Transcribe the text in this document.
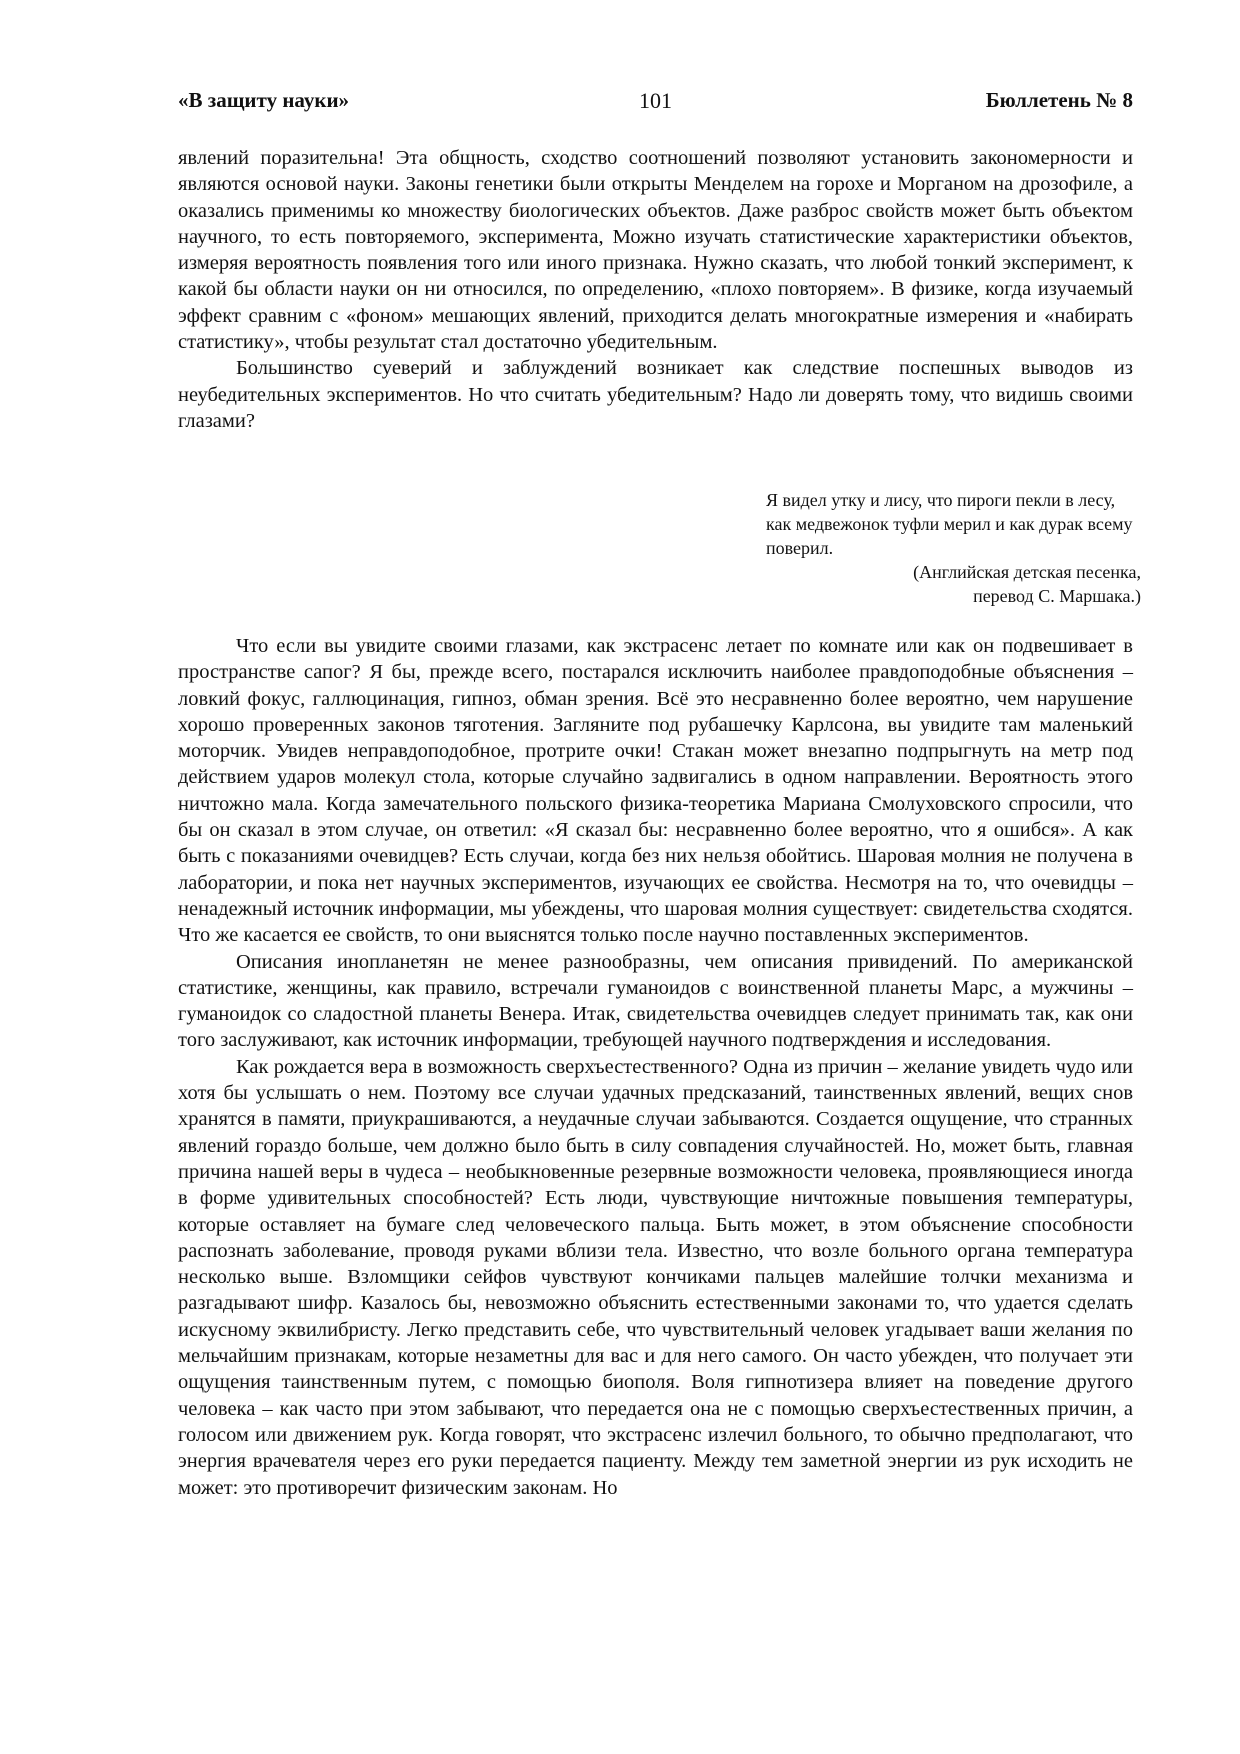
101
«В защиту науки»	Бюллетень № 8

явлений поразительна! Эта общность, сходство соотношений позволяют установить закономерности и являются основой науки. Законы генетики были открыты Менделем на горохе и Морганом на дрозофиле, а оказались применимы ко множеству биологических объектов. Даже разброс свойств может быть объектом научного, то есть повторяемого, эксперимента, Можно изучать статистические характеристики объектов, измеряя вероятность появления того или иного признака. Нужно сказать, что любой тонкий эксперимент, к какой бы области науки он ни относился, по определению, «плохо повторяем». В физике, когда изучаемый эффект сравним с «фоном» мешающих явлений, приходится делать многократные измерения и «набирать статистику», чтобы результат стал достаточно убедительным.

Большинство суеверий и заблуждений возникает как следствие поспешных выводов из неубедительных экспериментов. Но что считать убедительным? Надо ли доверять тому, что видишь своими глазами?

Я видел утку и лису, что пироги пекли в лесу, как медвежонок туфли мерил и как дурак всему поверил.

(Английская детская песенка,

перевод С. Маршака.)

Что если вы увидите своими глазами, как экстрасенс летает по комнате или как он подвешивает в пространстве сапог? Я бы, прежде всего, постарался исключить наиболее правдоподобные объяснения – ловкий фокус, галлюцинация, гипноз, обман зрения. Всё это несравненно более вероятно, чем нарушение хорошо проверенных законов тяготения. Загляните под рубашечку Карлсона, вы увидите там маленький моторчик. Увидев неправдоподобное, протрите очки! Стакан может внезапно подпрыгнуть на метр под действием ударов молекул стола, которые случайно задвигались в одном направлении. Вероятность этого ничтожно мала. Когда замечательного польского физика-теоретика Мариана Смолуховского спросили, что бы он сказал в этом случае, он ответил: «Я сказал бы: несравненно более вероятно, что я ошибся». А как быть с показаниями очевидцев? Есть случаи, когда без них нельзя обойтись. Шаровая молния не получена в лаборатории, и пока нет научных экспериментов, изучающих ее свойства. Несмотря на то, что очевидцы – ненадежный источник информации, мы убеждены, что шаровая молния существует: свидетельства сходятся. Что же касается ее свойств, то они выяснятся только после научно поставленных экспериментов.

Описания инопланетян не менее разнообразны, чем описания привидений. По американской статистике, женщины, как правило, встречали гуманоидов с воинственной планеты Марс, а мужчины – гуманоидок со сладостной планеты Венера. Итак, свидетельства очевидцев следует принимать так, как они того заслуживают, как источник информации, требующей научного подтверждения и исследования.

Как рождается вера в возможность сверхъестественного? Одна из причин – желание увидеть чудо или хотя бы услышать о нем. Поэтому все случаи удачных предсказаний, таинственных явлений, вещих снов хранятся в памяти, приукрашиваются, а неудачные случаи забываются. Создается ощущение, что странных явлений гораздо больше, чем должно было быть в силу совпадения случайностей. Но, может быть, главная причина нашей веры в чудеса – необыкновенные резервные возможности человека, проявляющиеся иногда в форме удивительных способностей? Есть люди, чувствующие ничтожные повышения температуры, которые оставляет на бумаге след человеческого пальца. Быть может, в этом объяснение способности распознать заболевание, проводя руками вблизи тела. Известно, что возле больного органа температура несколько выше. Взломщики сейфов чувствуют кончиками пальцев малейшие толчки механизма и разгадывают шифр. Казалось бы, невозможно объяснить естественными законами то, что удается сделать искусному эквилибристу. Легко представить себе, что чувствительный человек угадывает ваши желания по мельчайшим признакам, которые незаметны для вас и для него самого. Он часто убежден, что получает эти ощущения таинственным путем, с помощью биополя. Воля гипнотизера влияет на поведение другого человека – как часто при этом забывают, что передается она не с помощью сверхъестественных причин, а голосом или движением рук. Когда говорят, что экстрасенс излечил больного, то обычно предполагают, что энергия врачевателя через его руки передается пациенту. Между тем заметной энергии из рук исходить не может: это противоречит физическим законам. Но
